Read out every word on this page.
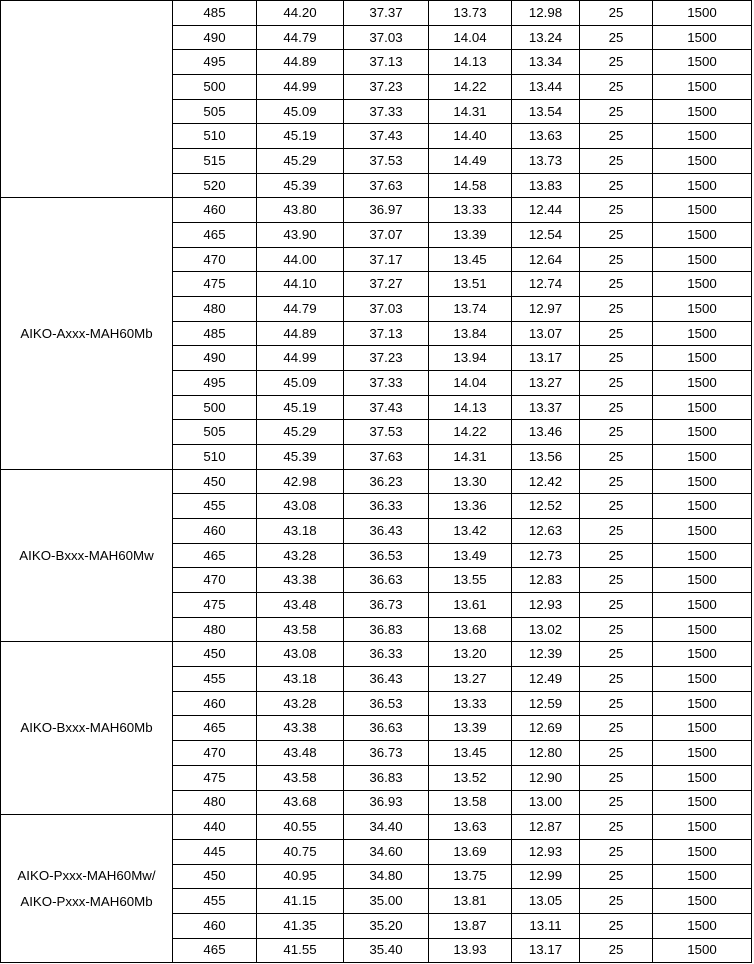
	485	44.20	37.37	13.73	12.98	25	1500
	490	44.79	37.03	14.04	13.24	25	1500
	495	44.89	37.13	14.13	13.34	25	1500
	500	44.99	37.23	14.22	13.44	25	1500
	505	45.09	37.33	14.31	13.54	25	1500
	510	45.19	37.43	14.40	13.63	25	1500
	515	45.29	37.53	14.49	13.73	25	1500
	520	45.39	37.63	14.58	13.83	25	1500

AIKO-Axxx-MAH60Mb	460	43.80	36.97	13.33	12.44	25	1500
	465	43.90	37.07	13.39	12.54	25	1500
	470	44.00	37.17	13.45	12.64	25	1500
	475	44.10	37.27	13.51	12.74	25	1500
	480	44.79	37.03	13.74	12.97	25	1500
	485	44.89	37.13	13.84	13.07	25	1500
	490	44.99	37.23	13.94	13.17	25	1500
	495	45.09	37.33	14.04	13.27	25	1500
	500	45.19	37.43	14.13	13.37	25	1500
	505	45.29	37.53	14.22	13.46	25	1500
	510	45.39	37.63	14.31	13.56	25	1500

AIKO-Bxxx-MAH60Mw	450	42.98	36.23	13.30	12.42	25	1500
	455	43.08	36.33	13.36	12.52	25	1500
	460	43.18	36.43	13.42	12.63	25	1500
	465	43.28	36.53	13.49	12.73	25	1500
	470	43.38	36.63	13.55	12.83	25	1500
	475	43.48	36.73	13.61	12.93	25	1500
	480	43.58	36.83	13.68	13.02	25	1500

AIKO-Bxxx-MAH60Mb	450	43.08	36.33	13.20	12.39	25	1500
	455	43.18	36.43	13.27	12.49	25	1500
	460	43.28	36.53	13.33	12.59	25	1500
	465	43.38	36.63	13.39	12.69	25	1500
	470	43.48	36.73	13.45	12.80	25	1500
	475	43.58	36.83	13.52	12.90	25	1500
	480	43.68	36.93	13.58	13.00	25	1500

AIKO-Pxxx-MAH60Mw/
AIKO-Pxxx-MAH60Mb	440	40.55	34.40	13.63	12.87	25	1500
	445	40.75	34.60	13.69	12.93	25	1500
	450	40.95	34.80	13.75	12.99	25	1500
	455	41.15	35.00	13.81	13.05	25	1500
	460	41.35	35.20	13.87	13.11	25	1500
	465	41.55	35.40	13.93	13.17	25	1500
